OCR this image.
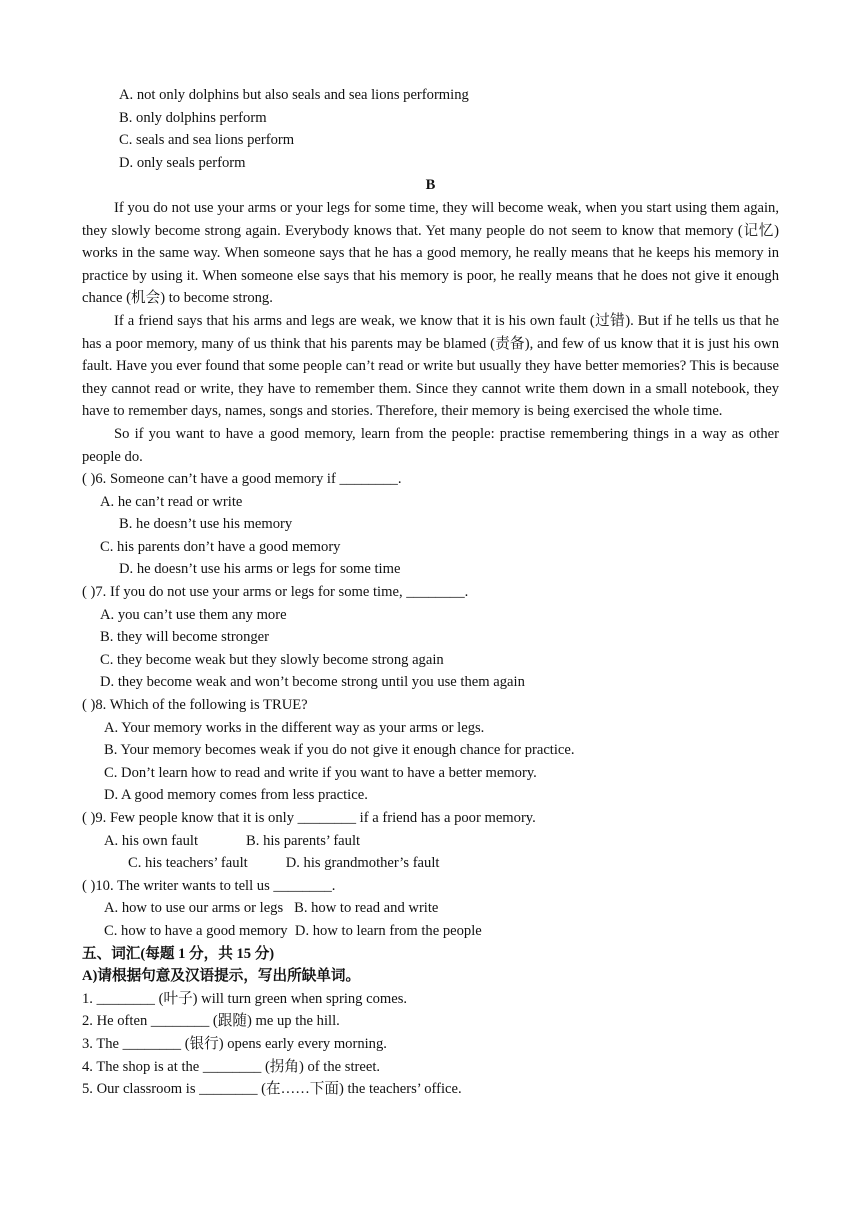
A. not only dolphins but also seals and sea lions performing
B. only dolphins perform
C. seals and sea lions perform
D. only seals perform
B

If you do not use your arms or your legs for some time, they will become weak, when you start using them again, they slowly become strong again. Everybody knows that. Yet many people do not seem to know that memory (记忆) works in the same way. When someone says that he has a good memory, he really means that he keeps his memory in practice by using it. When someone else says that his memory is poor, he really means that he does not give it enough chance (机会) to become strong.

If a friend says that his arms and legs are weak, we know that it is his own fault (过错). But if he tells us that he has a poor memory, many of us think that his parents may be blamed (责备), and few of us know that it is just his own fault. Have you ever found that some people can’t read or write but usually they have better memories? This is because they cannot read or write, they have to remember them. Since they cannot write them down in a small notebook, they have to remember days, names, songs and stories. Therefore, their memory is being exercised the whole time.

So if you want to have a good memory, learn from the people: practise remembering things in a way as other people do.

( )6. Someone can’t have a good memory if ________.
A. he can’t read or write
B. he doesn’t use his memory
C. his parents don’t have a good memory
D. he doesn’t use his arms or legs for some time
( )7. If you do not use your arms or legs for some time, ________.
A. you can’t use them any more
B. they will become stronger
C. they become weak but they slowly become strong again
D. they become weak and won’t become strong until you use them again
( )8. Which of the following is TRUE?
A. Your memory works in the different way as your arms or legs.
B. Your memory becomes weak if you do not give it enough chance for practice.
C. Don’t learn how to read and write if you want to have a better memory.
D. A good memory comes from less practice.
( )9. Few people know that it is only ________ if a friend has a poor memory.
A. his own fault	B. his parents’ fault
C. his teachers’ fault	D. his grandmother’s fault
( )10. The writer wants to tell us ________.
A. how to use our arms or legs B. how to read and write
C. how to have a good memory D. how to learn from the people
五、词汇(每题 1 分，共 15 分)
A)请根据句意及汉语提示，写出所缺单词。
1. ________ (叶子) will turn green when spring comes.
2. He often ________ (跟随) me up the hill.
3. The ________ (银行) opens early every morning.
4. The shop is at the ________ (拐角) of the street.
5. Our classroom is ________ (在……下面) the teachers’ office.
